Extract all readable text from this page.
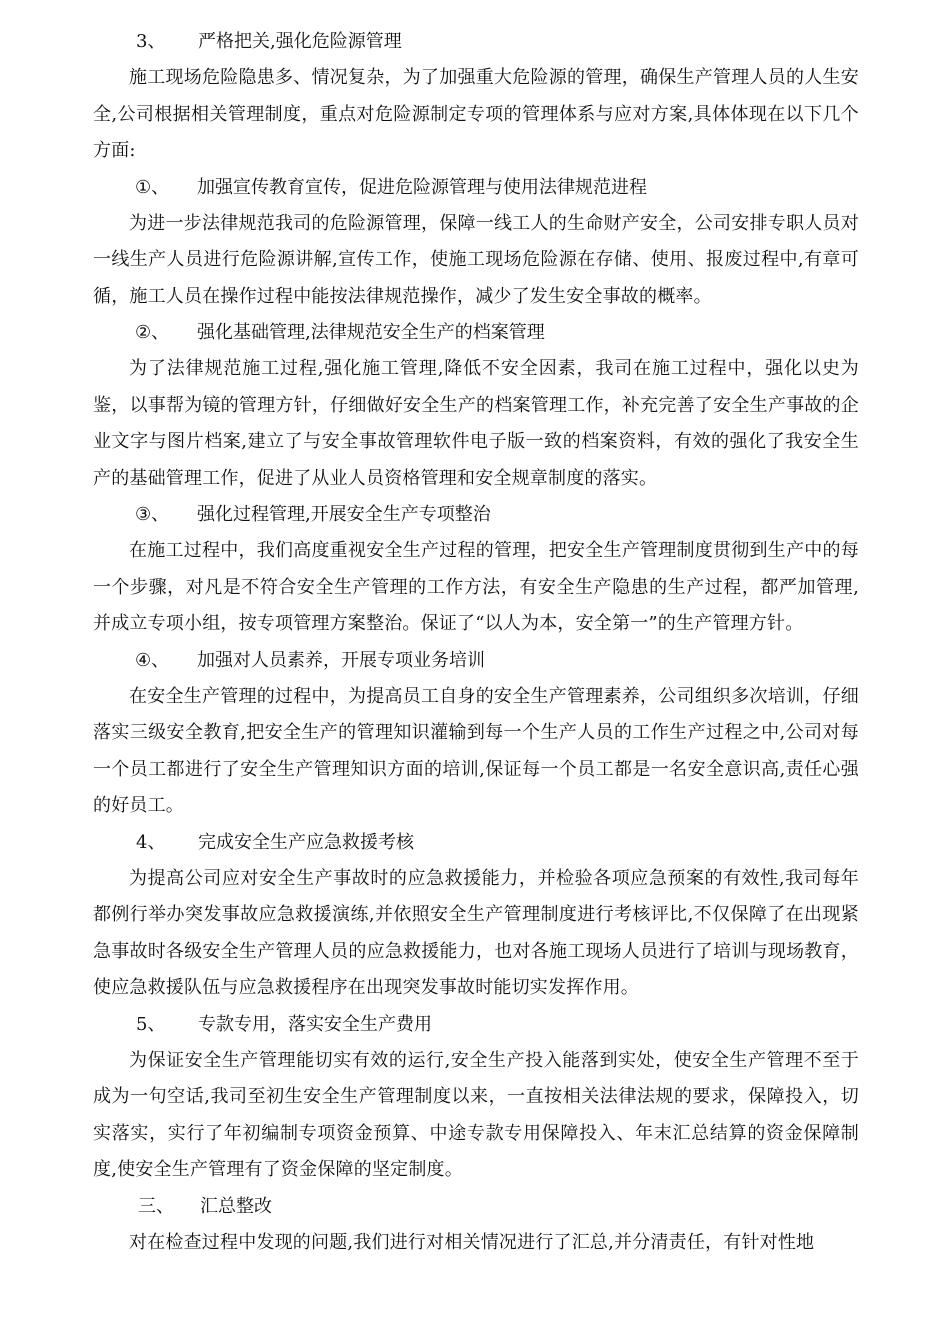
3、	严格把关,强化危险源管理

施工现场危险隐患多、情况复杂，为了加强重大危险源的管理，确保生产管理人员的人生安全,公司根据相关管理制度，重点对危险源制定专项的管理体系与应对方案,具体体现在以下几个方面:

①、	加强宣传教育宣传，促进危险源管理与使用法律规范进程

为进一步法律规范我司的危险源管理，保障一线工人的生命财产安全，公司安排专职人员对一线生产人员进行危险源讲解,宣传工作，使施工现场危险源在存储、使用、报废过程中,有章可循，施工人员在操作过程中能按法律规范操作，减少了发生安全事故的概率。

②、	强化基础管理,法律规范安全生产的档案管理

为了法律规范施工过程,强化施工管理,降低不安全因素，我司在施工过程中，强化以史为鉴，以事帮为镜的管理方针，仔细做好安全生产的档案管理工作，补充完善了安全生产事故的企业文字与图片档案,建立了与安全事故管理软件电子版一致的档案资料，有效的强化了我安全生产的基础管理工作，促进了从业人员资格管理和安全规章制度的落实。

③、	强化过程管理,开展安全生产专项整治

在施工过程中，我们高度重视安全生产过程的管理，把安全生产管理制度贯彻到生产中的每一个步骤，对凡是不符合安全生产管理的工作方法，有安全生产隐患的生产过程，都严加管理,并成立专项小组，按专项管理方案整治。保证了“以人为本，安全第一”的生产管理方针。

④、	加强对人员素养，开展专项业务培训

在安全生产管理的过程中，为提高员工自身的安全生产管理素养，公司组织多次培训，仔细落实三级安全教育,把安全生产的管理知识灌输到每一个生产人员的工作生产过程之中,公司对每一个员工都进行了安全生产管理知识方面的培训,保证每一个员工都是一名安全意识高,责任心强的好员工。

4、	完成安全生产应急救援考核

为提高公司应对安全生产事故时的应急救援能力，并检验各项应急预案的有效性,我司每年都例行举办突发事故应急救援演练,并依照安全生产管理制度进行考核评比,不仅保障了在出现紧急事故时各级安全生产管理人员的应急救援能力，也对各施工现场人员进行了培训与现场教育，使应急救援队伍与应急救援程序在出现突发事故时能切实发挥作用。

5、	专款专用，落实安全生产费用

为保证安全生产管理能切实有效的运行,安全生产投入能落到实处，使安全生产管理不至于成为一句空话,我司至初生安全生产管理制度以来，一直按相关法律法规的要求，保障投入，切实落实，实行了年初编制专项资金预算、中途专款专用保障投入、年末汇总结算的资金保障制度,使安全生产管理有了资金保障的坚定制度。

三、	汇总整改

对在检查过程中发现的问题,我们进行对相关情况进行了汇总,并分清责任，有针对性地
